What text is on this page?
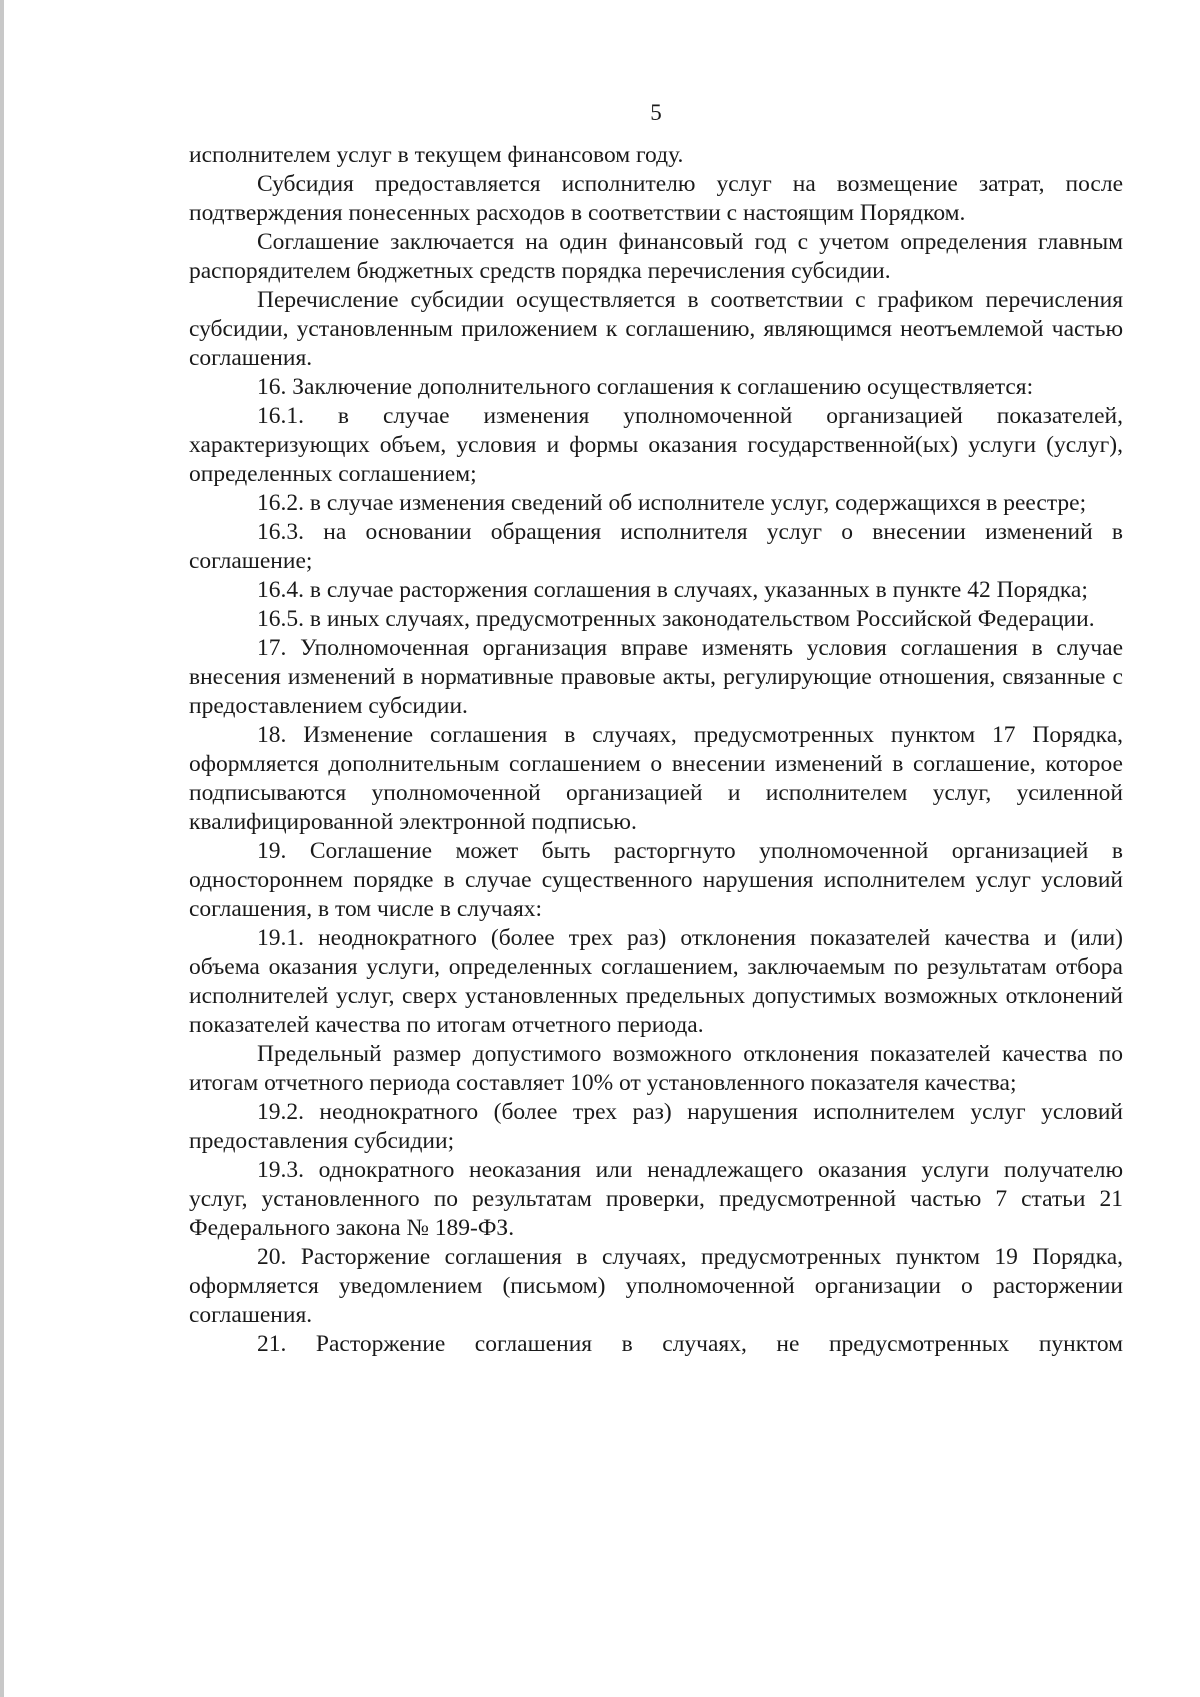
5

исполнителем услуг в текущем финансовом году.

Субсидия предоставляется исполнителю услуг на возмещение затрат, после подтверждения понесенных расходов в соответствии с настоящим Порядком.

Соглашение заключается на один финансовый год с учетом определения главным распорядителем бюджетных средств порядка перечисления субсидии.

Перечисление субсидии осуществляется в соответствии с графиком перечисления субсидии, установленным приложением к соглашению, являющимся неотъемлемой частью соглашения.

16. Заключение дополнительного соглашения к соглашению осуществляется:

16.1. в случае изменения уполномоченной организацией показателей, характеризующих объем, условия и формы оказания государственной(ых) услуги (услуг), определенных соглашением;

16.2. в случае изменения сведений об исполнителе услуг, содержащихся в реестре;

16.3. на основании обращения исполнителя услуг о внесении изменений в соглашение;

16.4. в случае расторжения соглашения в случаях, указанных в пункте 42 Порядка;

16.5. в иных случаях, предусмотренных законодательством Российской Федерации.

17. Уполномоченная организация вправе изменять условия соглашения в случае внесения изменений в нормативные правовые акты, регулирующие отношения, связанные с предоставлением субсидии.

18. Изменение соглашения в случаях, предусмотренных пунктом 17 Порядка, оформляется дополнительным соглашением о внесении изменений в соглашение, которое подписываются уполномоченной организацией и исполнителем услуг, усиленной квалифицированной электронной подписью.

19. Соглашение может быть расторгнуто уполномоченной организацией в одностороннем порядке в случае существенного нарушения исполнителем услуг условий соглашения, в том числе в случаях:

19.1. неоднократного (более трех раз) отклонения показателей качества и (или) объема оказания услуги, определенных соглашением, заключаемым по результатам отбора исполнителей услуг, сверх установленных предельных допустимых возможных отклонений показателей качества по итогам отчетного периода.

Предельный размер допустимого возможного отклонения показателей качества по итогам отчетного периода составляет 10% от установленного показателя качества;

19.2. неоднократного (более трех раз) нарушения исполнителем услуг условий предоставления субсидии;

19.3. однократного неоказания или ненадлежащего оказания услуги получателю услуг, установленного по результатам проверки, предусмотренной частью 7 статьи 21 Федерального закона № 189-ФЗ.

20. Расторжение соглашения в случаях, предусмотренных пунктом 19 Порядка, оформляется уведомлением (письмом) уполномоченной организации о расторжении соглашения.

21. Расторжение соглашения в случаях, не предусмотренных пунктом
